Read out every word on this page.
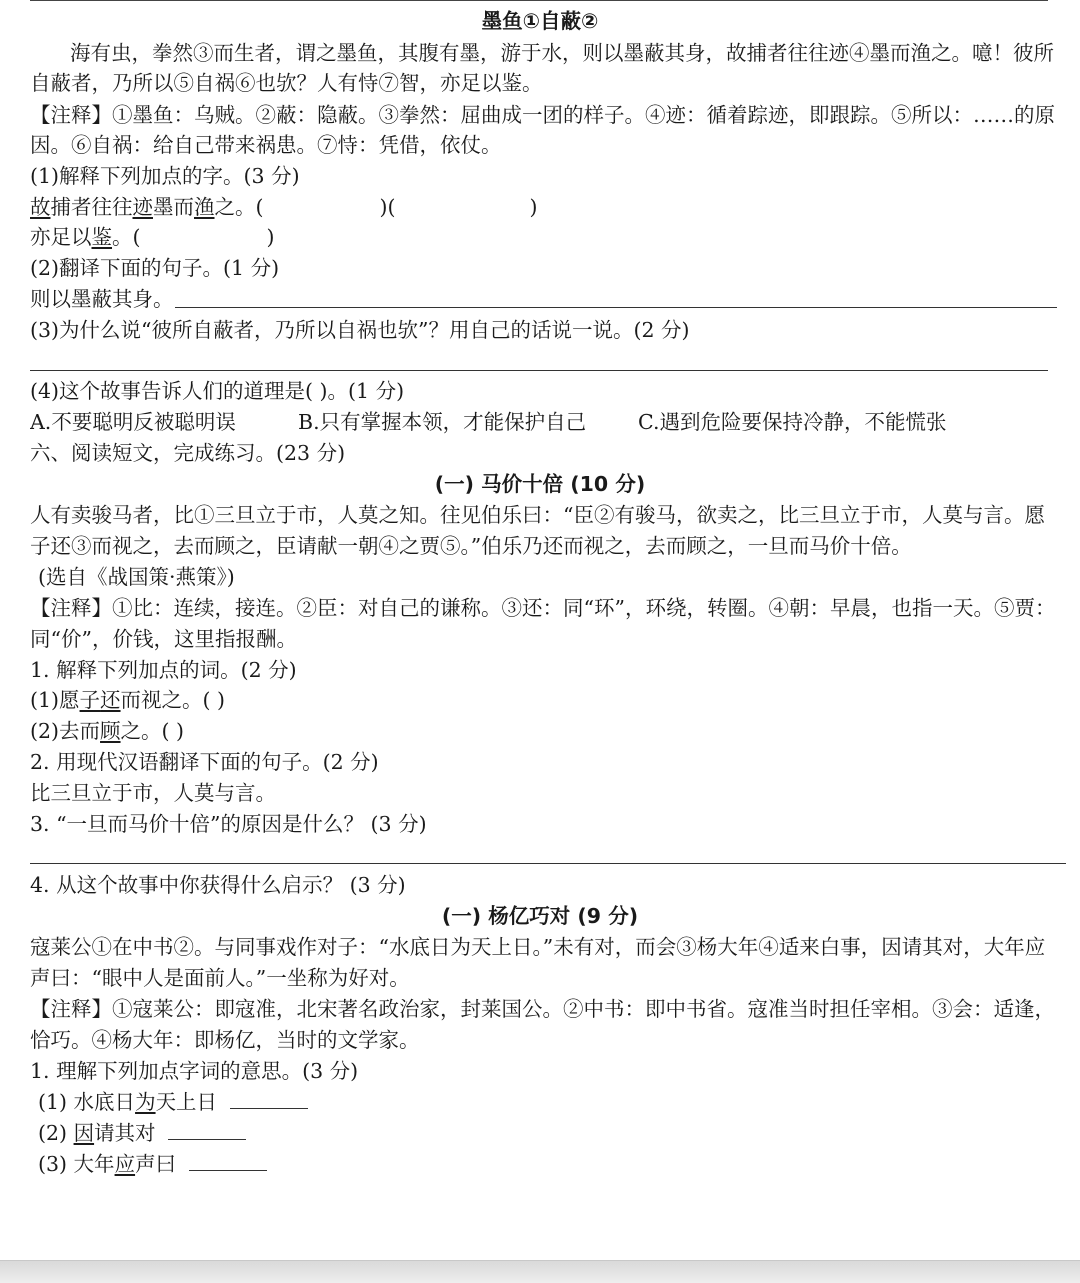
墨鱼①自蔽②
海有虫，拳然③而生者，谓之墨鱼，其腹有墨，游于水，则以墨蔽其身，故捕者往往迹④墨而渔之。噫！彼所
自蔽者，乃所以⑤自祸⑥也欤？人有恃⑦智，亦足以鉴。
【注释】①墨鱼：乌贼。②蔽：隐蔽。③拳然：屈曲成一团的样子。④迹：循着踪迹，即跟踪。⑤所以：……的原
因。⑥自祸：给自己带来祸患。⑦恃：凭借，依仗。
(1)解释下列加点的字。(3 分)
故捕者往往迹墨而渔之。(	)(	)
亦足以鉴。(	)
(2)翻译下面的句子。(1 分)
则以墨蔽其身。
(3)为什么说“彼所自蔽者，乃所以自祸也欤”？用自己的话说一说。(2 分)
(4)这个故事告诉人们的道理是( )。(1 分)
A.不要聪明反被聪明误	B.只有掌握本领，才能保护自己	C.遇到危险要保持冷静，不能慌张
六、阅读短文，完成练习。(23 分)
(一) 马价十倍 (10 分)
人有卖骏马者，比①三旦立于市，人莫之知。往见伯乐曰：“臣②有骏马，欲卖之，比三旦立于市，人莫与言。愿
子还③而视之，去而顾之，臣请献一朝④之贾⑤。”伯乐乃还而视之，去而顾之，一旦而马价十倍。
(选自《战国策·燕策》)
【注释】①比：连续，接连。②臣：对自己的谦称。③还：同“环”，环绕，转圈。④朝：早晨，也指一天。⑤贾：
同“价”，价钱，这里指报酬。
1. 解释下列加点的词。(2 分)
(1)愿子还而视之。( )
(2)去而顾之。( )
2. 用现代汉语翻译下面的句子。(2 分)
比三旦立于市，人莫与言。
3. “一旦而马价十倍”的原因是什么？ (3 分)
4. 从这个故事中你获得什么启示？ (3 分)
(一) 杨亿巧对 (9 分)
寇莱公①在中书②。与同事戏作对子：“水底日为天上日。”未有对，而会③杨大年④适来白事，因请其对，大年应
声曰：“眼中人是面前人。”一坐称为好对。
【注释】①寇莱公：即寇准，北宋著名政治家，封莱国公。②中书：即中书省。寇准当时担任宰相。③会：适逢，
恰巧。④杨大年：即杨亿，当时的文学家。
1. 理解下列加点字词的意思。(3 分)
(1) 水底日为天上日
(2) 因请其对
(3) 大年应声曰
